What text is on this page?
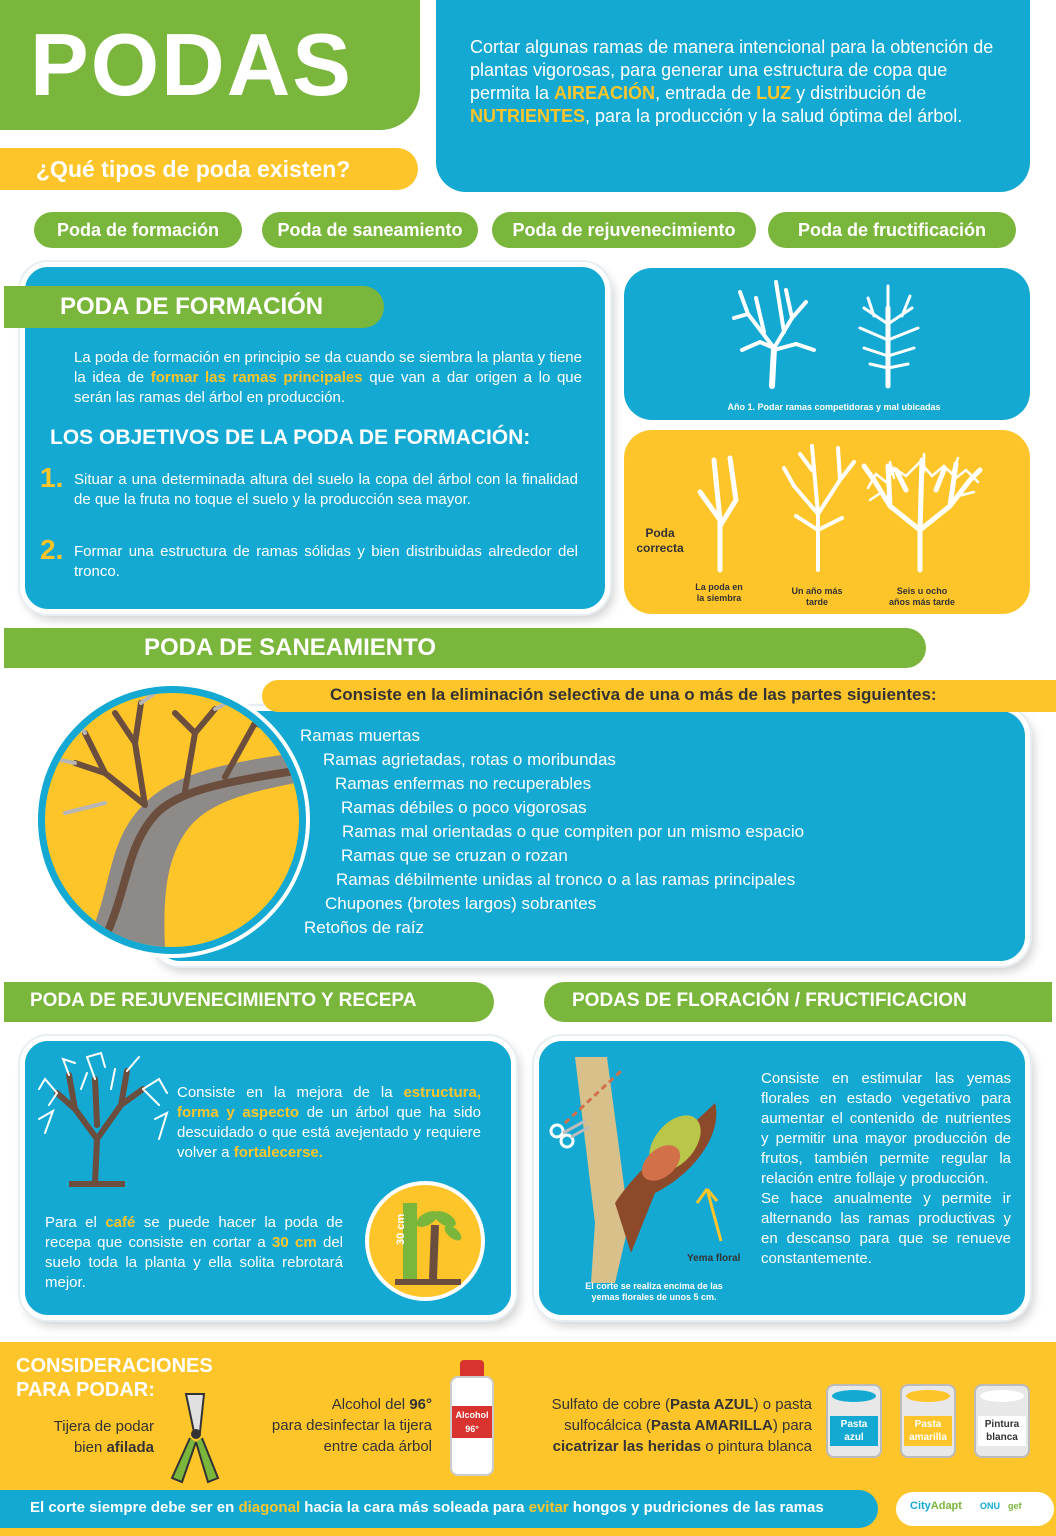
PODAS	Cortar algunas ramas de manera intencional para la obtención de plantas vigorosas, para generar una estructura de copa que permita la AIREACIÓN, entrada de LUZ y distribución de NUTRIENTES, para la producción y la salud óptima del árbol.
¿Qué tipos de poda existen?
Poda de formación	Poda de saneamiento	Poda de rejuvenecimiento	Poda de fructificación
PODA DE FORMACIÓN
La poda de formación en principio se da cuando se siembra la planta y tiene la idea de formar las ramas principales que van a dar origen a lo que serán las ramas del árbol en producción.
LOS OBJETIVOS DE LA PODA DE FORMACIÓN:
1. Situar a una determinada altura del suelo la copa del árbol con la finalidad de que la fruta no toque el suelo y la producción sea mayor.
2. Formar una estructura de ramas sólidas y bien distribuidas alrededor del tronco.
Año 1. Podar ramas competidoras y mal ubicadas
Poda
correcta
La poda en
la siembra
Un año más
tarde
Seis u ocho
años más tarde
PODA DE SANEAMIENTO
Consiste en la eliminación selectiva de una o más de las partes siguientes:
Ramas muertas
Ramas agrietadas, rotas o moribundas
Ramas enfermas no recuperables
Ramas débiles o poco vigorosas
Ramas mal orientadas o que compiten por un mismo espacio
Ramas que se cruzan o rozan
Ramas débilmente unidas al tronco o a las ramas principales
Chupones (brotes largos) sobrantes
Retoños de raíz
PODA DE REJUVENECIMIENTO Y RECEPA
Consiste en la mejora de la estructura, forma y aspecto de un árbol que ha sido descuidado o que está avejentado y requiere volver a fortalecerse.
Para el café se puede hacer la poda de recepa que consiste en cortar a 30 cm del suelo toda la planta y ella solita rebrotará mejor.
30 cm
PODAS DE FLORACIÓN / FRUCTIFICACION
Yema floral
El corte se realiza encima de las
yemas florales de unos 5 cm.
Consiste en estimular las yemas florales en estado vegetativo para aumentar el contenido de nutrientes y permitir una mayor producción de frutos, también permite regular la relación entre follaje y producción.
Se hace anualmente y permite ir alternando las ramas productivas y en descanso para que se renueve constantemente.
CONSIDERACIONES
PARA PODAR:
Tijera de podar
bien afilada
Alcohol del 96°
para desinfectar la tijera
entre cada árbol
Alcohol
96°
Sulfato de cobre (Pasta AZUL) o pasta
sulfocálcica (Pasta AMARILLA) para
cicatrizar las heridas o pintura blanca
Pasta
azul
Pasta
amarilla
Pintura
blanca
El corte siempre debe ser en diagonal hacia la cara más soleada para evitar hongos y pudriciones de las ramas	CityAdapt ONU gef
